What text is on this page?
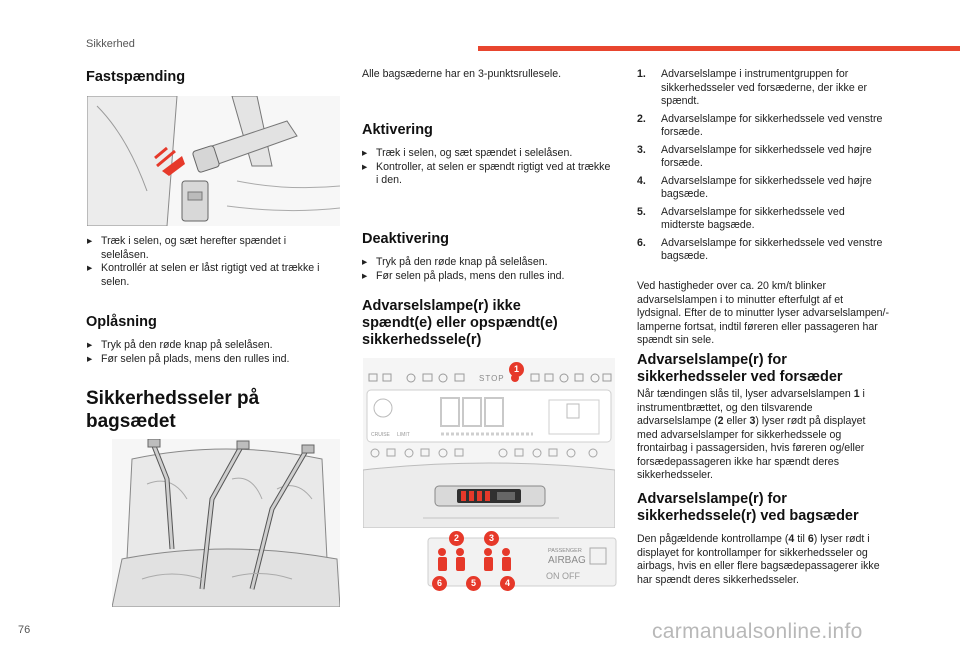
Sikkerhed
Fastspænding
▸ Træk i selen, og sæt herefter spændet i selelåsen.
▸ Kontrollér at selen er låst rigtigt ved at trække i selen.
Oplåsning
▸ Tryk på den røde knap på selelåsen.
▸ Før selen på plads, mens den rulles ind.
Sikkerhedsseler på
bagsædet
Alle bagsæderne har en 3-punktsrullesele.
Aktivering
▸ Træk i selen, og sæt spændet i selelåsen.
▸ Kontroller, at selen er spændt rigtigt ved at trække i den.
Deaktivering
▸ Tryk på den røde knap på selelåsen.
▸ Før selen på plads, mens den rulles ind.
Advarselslampe(r) ikke
spændt(e) eller opspændt(e)
sikkerhedssele(r)
STOP
CRUISE LIMIT
1
PASSENGER
AIRBAG
ON OFF
2	3
6	5	4
1. Advarselslampe i instrumentgruppen for sikkerhedsseler ved forsæderne, der ikke er spændt.
2. Advarselslampe for sikkerhedssele ved venstre forsæde.
3. Advarselslampe for sikkerhedssele ved højre forsæde.
4. Advarselslampe for sikkerhedssele ved højre bagsæde.
5. Advarselslampe for sikkerhedssele ved midterste bagsæde.
6. Advarselslampe for sikkerhedssele ved venstre bagsæde.
Ved hastigheder over ca. 20 km/t blinker advarselslampen i to minutter efterfulgt af et lydsignal. Efter de to minutter lyser advarselslampen/-lamperne fortsat, indtil føreren eller passageren har spændt sin sele.
Advarselslampe(r) for
sikkerhedsseler ved forsæder
Når tændingen slås til, lyser advarselslampen 1 i instrumentbrættet, og den tilsvarende advarselslampe (2 eller 3) lyser rødt på displayet med advarselslamper for sikkerhedssele og frontairbag i passagersiden, hvis føreren og/eller forsædepassageren ikke har spændt deres sikkerhedsseler.
Advarselslampe(r) for
sikkerhedssele(r) ved bagsæder
Den pågældende kontrollampe (4 til 6) lyser rødt i displayet for kontrollamper for sikkerhedsseler og airbags, hvis en eller flere bagsædepassagerer ikke har spændt deres sikkerhedsseler.
76	carmanualsonline.info
